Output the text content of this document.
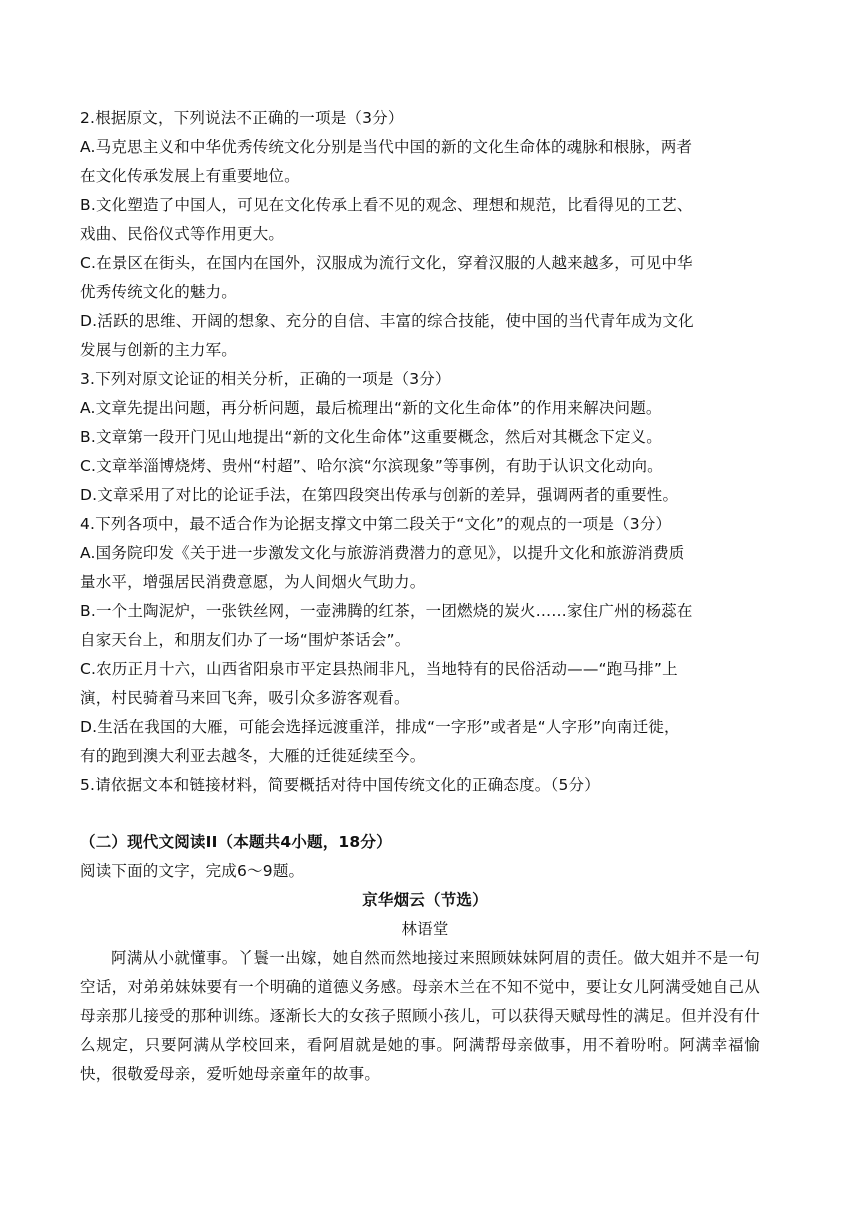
2.根据原文，下列说法不正确的一项是（3分）
A.马克思主义和中华优秀传统文化分别是当代中国的新的文化生命体的魂脉和根脉，两者
在文化传承发展上有重要地位。
B.文化塑造了中国人，可见在文化传承上看不见的观念、理想和规范，比看得见的工艺、
戏曲、民俗仪式等作用更大。
C.在景区在街头，在国内在国外，汉服成为流行文化，穿着汉服的人越来越多，可见中华
优秀传统文化的魅力。
D.活跃的思维、开阔的想象、充分的自信、丰富的综合技能，使中国的当代青年成为文化
发展与创新的主力军。
3.下列对原文论证的相关分析，正确的一项是（3分）
A.文章先提出问题，再分析问题，最后梳理出“新的文化生命体”的作用来解决问题。
B.文章第一段开门见山地提出“新的文化生命体”这重要概念，然后对其概念下定义。
C.文章举淄博烧烤、贵州“村超”、哈尔滨“尔滨现象”等事例，有助于认识文化动向。
D.文章采用了对比的论证手法，在第四段突出传承与创新的差异，强调两者的重要性。
4.下列各项中，最不适合作为论据支撑文中第二段关于“文化”的观点的一项是（3分）
A.国务院印发《关于进一步激发文化与旅游消费潜力的意见》，以提升文化和旅游消费质
量水平，增强居民消费意愿，为人间烟火气助力。
B.一个土陶泥炉，一张铁丝网，一壶沸腾的红茶，一团燃烧的炭火……家住广州的杨蕊在
自家天台上，和朋友们办了一场“围炉茶话会”。
C.农历正月十六，山西省阳泉市平定县热闹非凡，当地特有的民俗活动——“跑马排”上
演，村民骑着马来回飞奔，吸引众多游客观看。
D.生活在我国的大雁，可能会选择远渡重洋，排成“一字形”或者是“人字形”向南迁徙，
有的跑到澳大利亚去越冬，大雁的迁徙延续至今。
5.请依据文本和链接材料，简要概括对待中国传统文化的正确态度。（5分）
（二）现代文阅读II（本题共4小题，18分）
阅读下面的文字，完成6～9题。
京华烟云（节选）
林语堂
阿满从小就懂事。丫鬟一出嫁，她自然而然地接过来照顾妹妹阿眉的责任。做大姐并不是一句空话，对弟弟妹妹要有一个明确的道德义务感。母亲木兰在不知不觉中，要让女儿阿满受她自己从母亲那儿接受的那种训练。逐渐长大的女孩子照顾小孩儿，可以获得天赋母性的满足。但并没有什么规定，只要阿满从学校回来，看阿眉就是她的事。阿满帮母亲做事，用不着吩咐。阿满幸福愉快，很敬爱母亲，爱听她母亲童年的故事。
